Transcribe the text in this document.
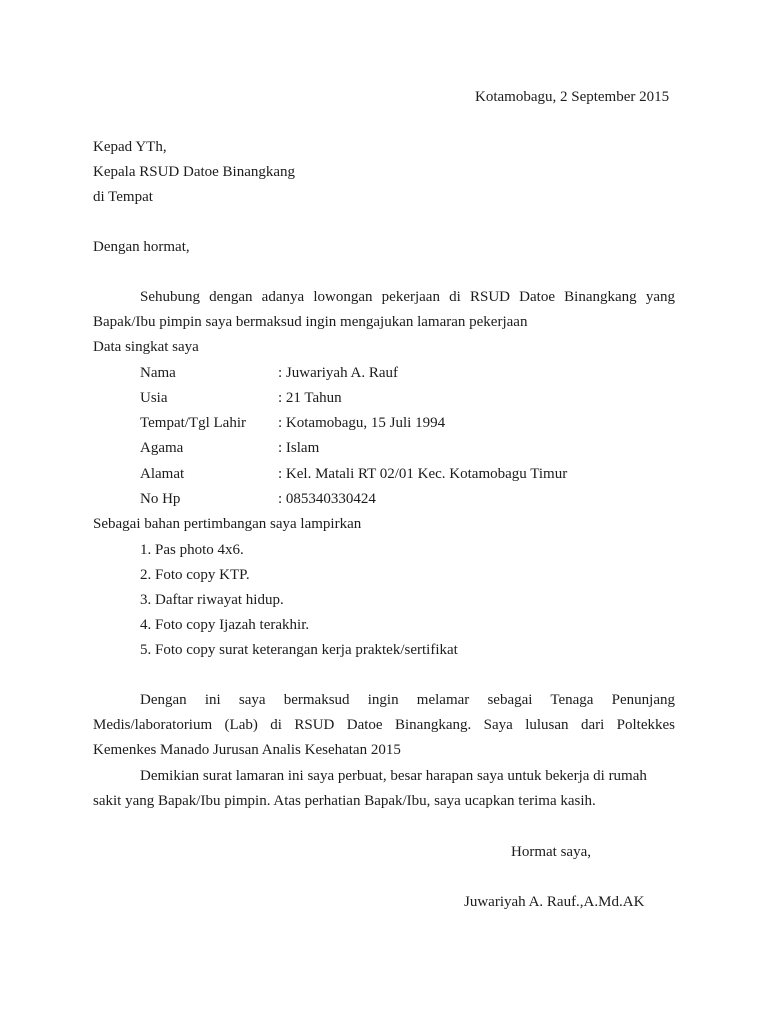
Kotamobagu, 2 September 2015
Kepad YTh,
Kepala RSUD Datoe Binangkang
di Tempat
Dengan hormat,
Sehubung dengan adanya lowongan pekerjaan di RSUD Datoe Binangkang yang
Bapak/Ibu pimpin saya bermaksud ingin mengajukan lamaran pekerjaan
Data singkat saya
Nama	: Juwariyah A. Rauf
Usia	: 21 Tahun
Tempat/Tgl Lahir : Kotamobagu, 15 Juli 1994
Agama	: Islam
Alamat	: Kel. Matali RT 02/01 Kec. Kotamobagu Timur
No Hp	: 085340330424
Sebagai bahan pertimbangan saya lampirkan
1. Pas photo 4x6.
2. Foto copy KTP.
3. Daftar riwayat hidup.
4. Foto copy Ijazah terakhir.
5. Foto copy surat keterangan kerja praktek/sertifikat
Dengan ini saya bermaksud ingin melamar sebagai Tenaga Penunjang
Medis/laboratorium (Lab) di RSUD Datoe Binangkang. Saya lulusan dari Poltekkes
Kemenkes Manado Jurusan Analis Kesehatan 2015
Demikian surat lamaran ini saya perbuat, besar harapan saya untuk bekerja di rumah
sakit yang Bapak/Ibu pimpin. Atas perhatian Bapak/Ibu, saya ucapkan terima kasih.
Hormat saya,
Juwariyah A. Rauf.,A.Md.AK
